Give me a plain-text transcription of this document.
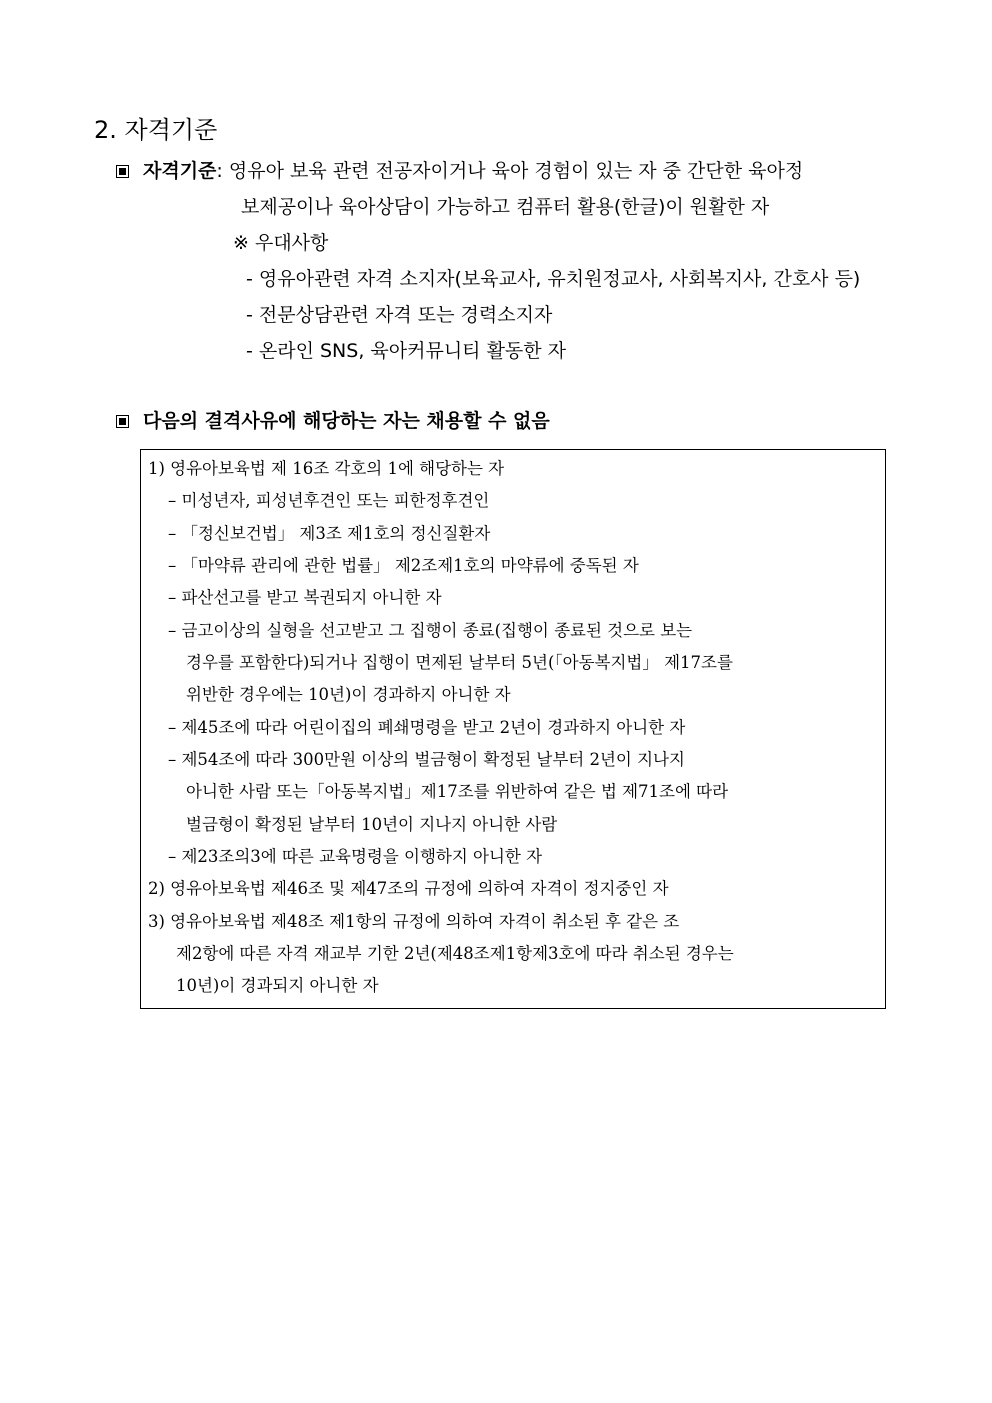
2. 자격기준
자격기준: 영유아 보육 관련 전공자이거나 육아 경험이 있는 자 중 간단한 육아정
보제공이나 육아상담이 가능하고 컴퓨터 활용(한글)이 원활한 자
※ 우대사항
- 영유아관련 자격 소지자(보육교사, 유치원정교사, 사회복지사, 간호사 등)
- 전문상담관련 자격 또는 경력소지자
- 온라인 SNS, 육아커뮤니티 활동한 자
다음의 결격사유에 해당하는 자는 채용할 수 없음
1) 영유아보육법 제 16조 각호의 1에 해당하는 자
– 미성년자, 피성년후견인 또는 피한정후견인
– 「정신보건법」 제3조 제1호의 정신질환자
– 「마약류 관리에 관한 법률」 제2조제1호의 마약류에 중독된 자
– 파산선고를 받고 복권되지 아니한 자
– 금고이상의 실형을 선고받고 그 집행이 종료(집행이 종료된 것으로 보는
경우를 포함한다)되거나 집행이 면제된 날부터 5년(「아동복지법」 제17조를
위반한 경우에는 10년)이 경과하지 아니한 자
– 제45조에 따라 어린이집의 폐쇄명령을 받고 2년이 경과하지 아니한 자
– 제54조에 따라 300만원 이상의 벌금형이 확정된 날부터 2년이 지나지
아니한 사람 또는「아동복지법」제17조를 위반하여 같은 법 제71조에 따라
벌금형이 확정된 날부터 10년이 지나지 아니한 사람
– 제23조의3에 따른 교육명령을 이행하지 아니한 자
2) 영유아보육법 제46조 및 제47조의 규정에 의하여 자격이 정지중인 자
3) 영유아보육법 제48조 제1항의 규정에 의하여 자격이 취소된 후 같은 조
제2항에 따른 자격 재교부 기한 2년(제48조제1항제3호에 따라 취소된 경우는
10년)이 경과되지 아니한 자
